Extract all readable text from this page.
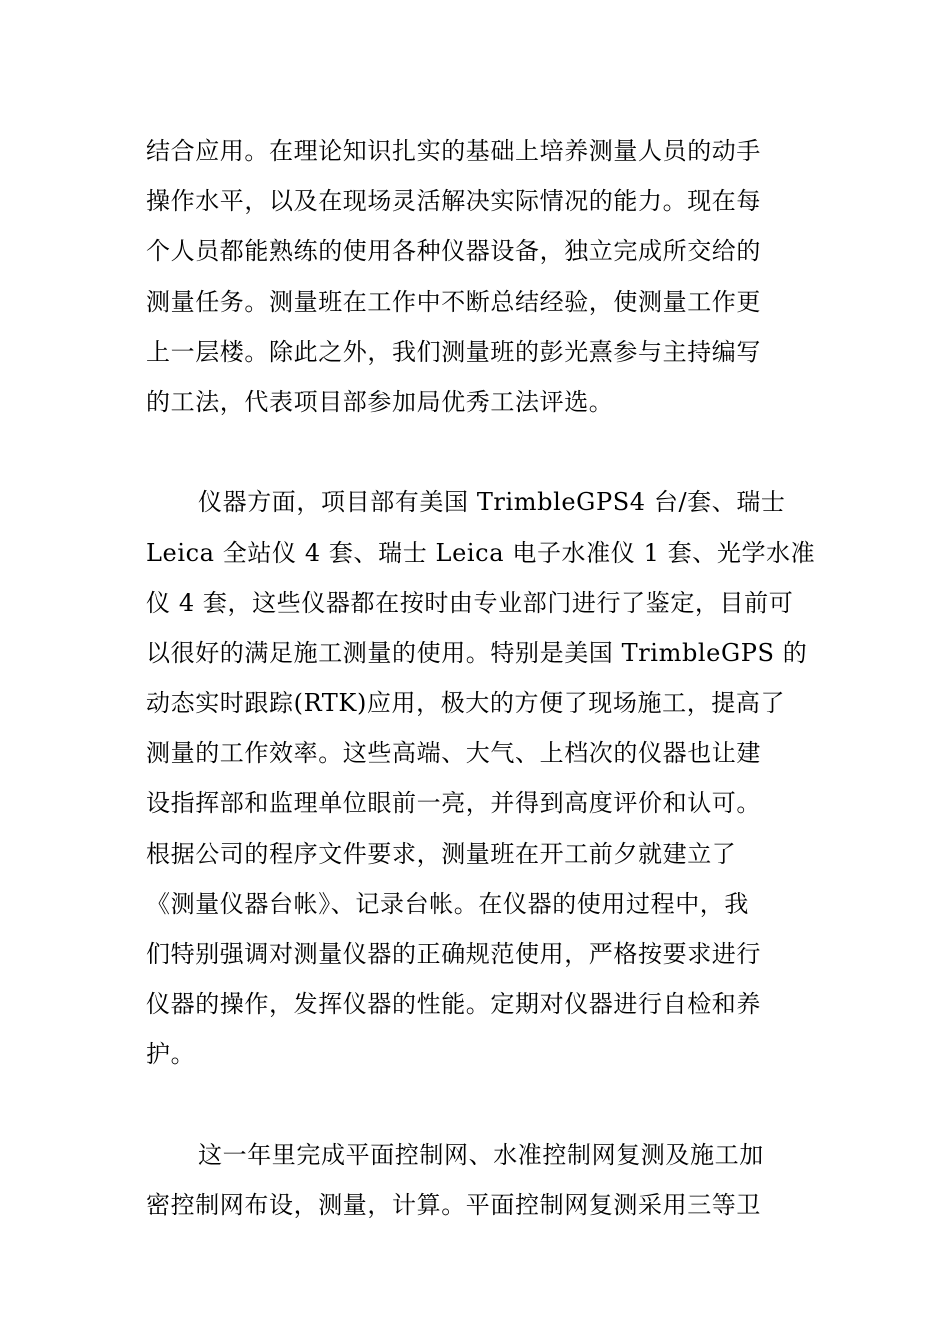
结合应用。在理论知识扎实的基础上培养测量人员的动手
操作水平，以及在现场灵活解决实际情况的能力。现在每
个人员都能熟练的使用各种仪器设备，独立完成所交给的
测量任务。测量班在工作中不断总结经验，使测量工作更
上一层楼。除此之外，我们测量班的彭光熹参与主持编写
的工法，代表项目部参加局优秀工法评选。
仪器方面，项目部有美国 TrimbleGPS4 台/套、瑞士
Leica 全站仪 4 套、瑞士 Leica 电子水准仪 1 套、光学水准
仪 4 套，这些仪器都在按时由专业部门进行了鉴定，目前可
以很好的满足施工测量的使用。特别是美国 TrimbleGPS 的
动态实时跟踪(RTK)应用，极大的方便了现场施工，提高了
测量的工作效率。这些高端、大气、上档次的仪器也让建
设指挥部和监理单位眼前一亮，并得到高度评价和认可。
根据公司的程序文件要求，测量班在开工前夕就建立了
《测量仪器台帐》、记录台帐。在仪器的使用过程中，我
们特别强调对测量仪器的正确规范使用，严格按要求进行
仪器的操作，发挥仪器的性能。定期对仪器进行自检和养
护。
这一年里完成平面控制网、水准控制网复测及施工加
密控制网布设，测量，计算。平面控制网复测采用三等卫
